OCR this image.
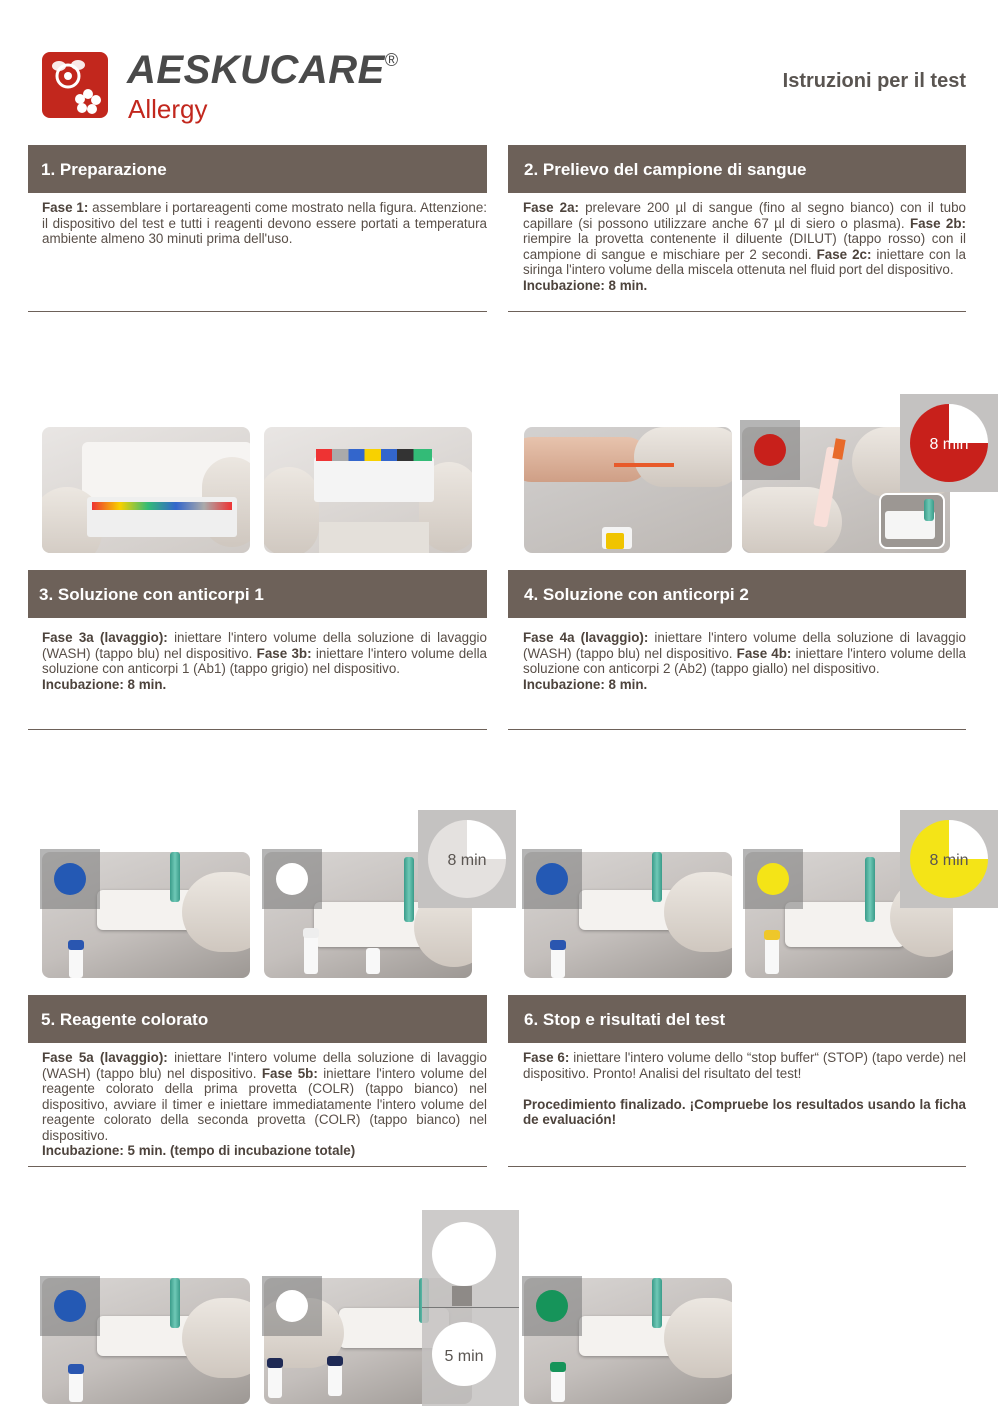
AESKUCARE®
Allergy
Istruzioni per il test
1. Preparazione
Fase 1: assemblare i portareagenti come mostrato nella figura. Attenzione: il dispositivo del test e tutti i reagenti devono essere portati a temperatura ambiente almeno 30 minuti prima dell'uso.
2. Prelievo del campione di sangue
Fase 2a: prelevare 200 µl di sangue (fino al segno bianco) con il tubo capillare (si possono utilizzare anche 67 µl di siero o plasma). Fase 2b: riempire la provetta contenente il diluente (DILUT) (tappo rosso) con il campione di sangue e mischiare per 2 secondi. Fase 2c: iniettare con la siringa l'intero volume della miscela ottenuta nel fluid port del dispositivo.
Incubazione: 8 min.
8 min
3. Soluzione con anticorpi 1
Fase 3a (lavaggio): iniettare l'intero volume della soluzione di lavaggio (WASH) (tappo blu) nel dispositivo. Fase 3b: iniettare l'intero volume della soluzione con anticorpi 1 (Ab1) (tappo grigio) nel dispositivo.
Incubazione: 8 min.
4. Soluzione con anticorpi 2
Fase 4a (lavaggio): iniettare l'intero volume della soluzione di lavaggio (WASH) (tappo blu) nel dispositivo. Fase 4b: iniettare l'intero volume della soluzione con anticorpi 2 (Ab2) (tappo giallo) nel dispositivo.
Incubazione: 8 min.
8 min	8 min
5. Reagente colorato
Fase 5a (lavaggio): iniettare l'intero volume della soluzione di lavaggio (WASH) (tappo blu) nel dispositivo. Fase 5b: iniettare l'intero volume del reagente colorato della prima provetta (COLR) (tappo bianco) nel dispositivo, avviare il timer e iniettare immediatamente l'intero volume del reagente colorato della seconda provetta (COLR) (tappo bianco) nel dispositivo.
Incubazione: 5 min. (tempo di incubazione totale)
6. Stop e risultati del test
Fase 6: iniettare l'intero volume dello “stop buffer“ (STOP) (tapo verde) nel dispositivo. Pronto! Analisi del risultato del test!

Procedimiento finalizado. ¡Compruebe los resultados usando la ficha de evaluación!
5 min
